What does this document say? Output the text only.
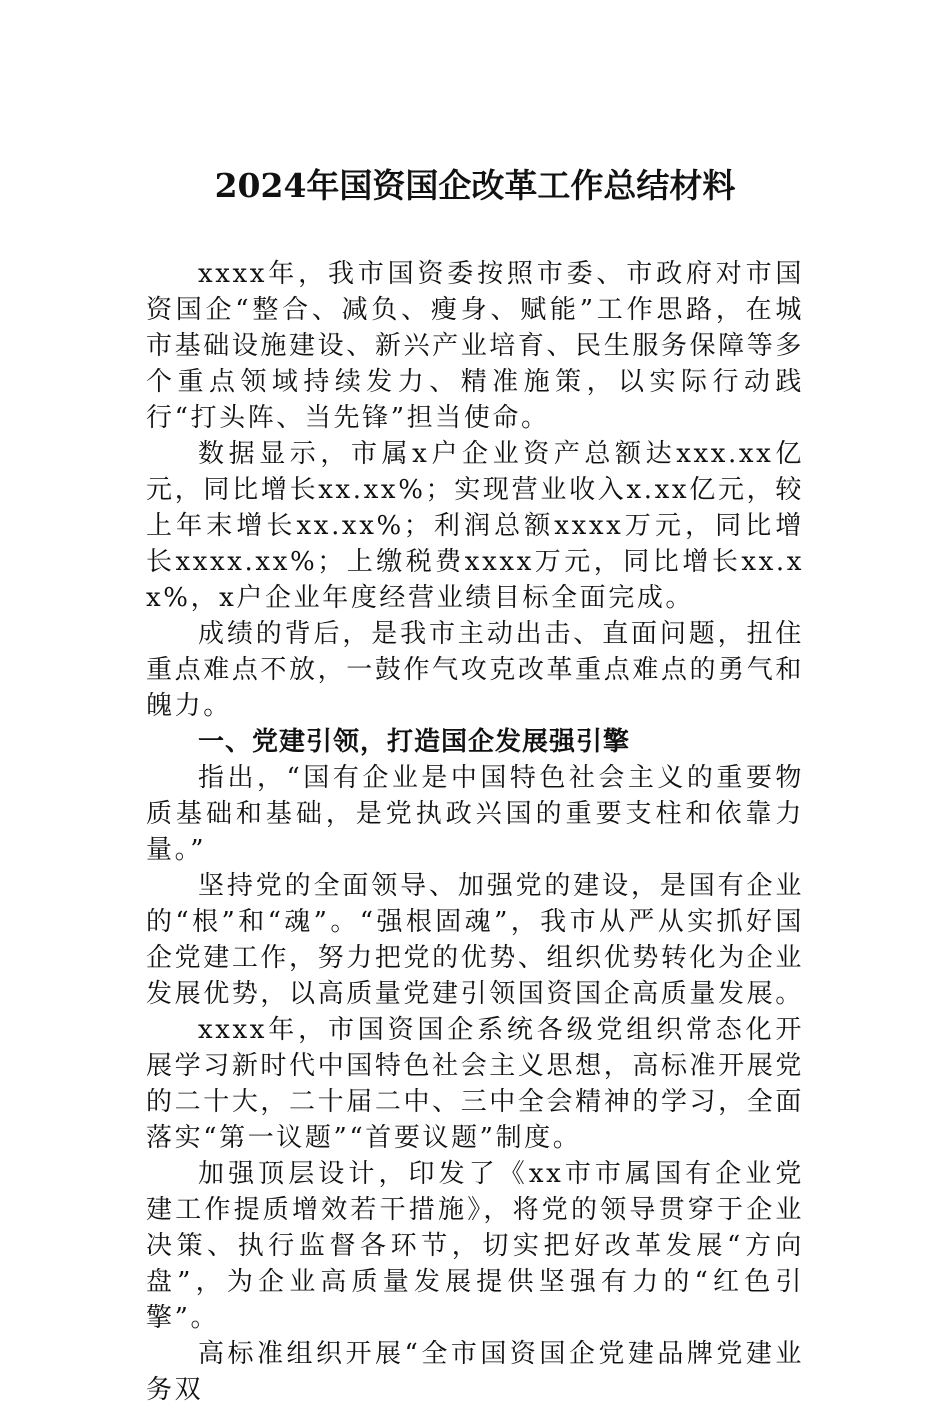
2024年国资国企改革工作总结材料

xxxx年，我市国资委按照市委、市政府对市国资国企“整合、减负、瘦身、赋能”工作思路，在城市基础设施建设、新兴产业培育、民生服务保障等多个重点领域持续发力、精准施策，以实际行动践行“打头阵、当先锋”担当使命。

数据显示，市属x户企业资产总额达xxx.xx亿元，同比增长xx.xx%；实现营业收入x.xx亿元，较上年末增长xx.xx%；利润总额xxxx万元，同比增长xxxx.xx%；上缴税费xxxx万元，同比增长xx.xx%，x户企业年度经营业绩目标全面完成。

成绩的背后，是我市主动出击、直面问题，扭住重点难点不放，一鼓作气攻克改革重点难点的勇气和魄力。

一、党建引领，打造国企发展强引擎

指出，“国有企业是中国特色社会主义的重要物质基础和基础，是党执政兴国的重要支柱和依靠力量。”

坚持党的全面领导、加强党的建设，是国有企业的“根”和“魂”。“强根固魂”，我市从严从实抓好国企党建工作，努力把党的优势、组织优势转化为企业发展优势，以高质量党建引领国资国企高质量发展。

xxxx年，市国资国企系统各级党组织常态化开展学习新时代中国特色社会主义思想，高标准开展党的二十大，二十届二中、三中全会精神的学习，全面落实“第一议题”“首要议题”制度。

加强顶层设计，印发了《xx市市属国有企业党建工作提质增效若干措施》，将党的领导贯穿于企业决策、执行监督各环节，切实把好改革发展“方向盘”，为企业高质量发展提供坚强有力的“红色引擎”。

高标准组织开展“全市国资国企党建品牌党建业务双
